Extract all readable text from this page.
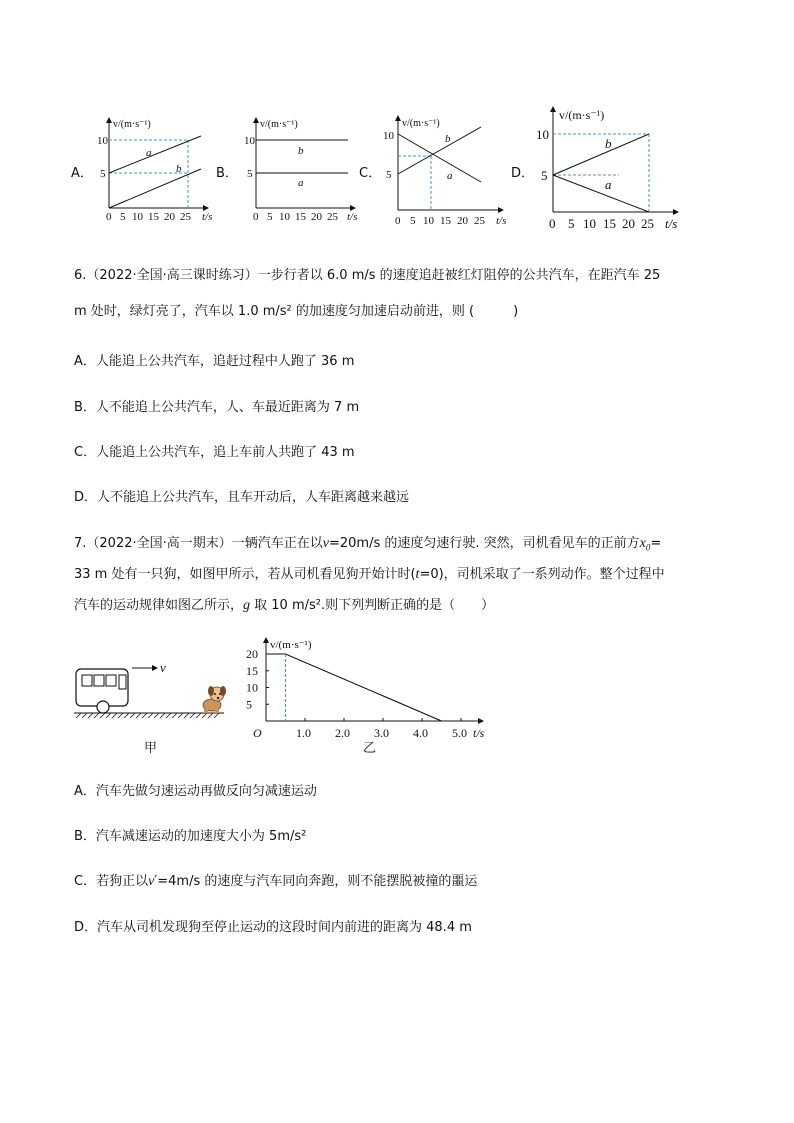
A．
v/(m·s⁻¹)
10
5
a
b
0 5 10 15 20 25 t/s
B．
v/(m·s⁻¹)
10
5
b
a
0 5 10 15 20 25 t/s
C．
v/(m·s⁻¹)
10
5
b
a
0 5 10 15 20 25 t/s
D．
v/(m·s⁻¹)
10
5
b
a
0 5 10 15 20 25 t/s
6.（2022·全国·高三课时练习）一步行者以 6.0 m/s 的速度追赶被红灯阻停的公共汽车，在距汽车 25
m 处时，绿灯亮了，汽车以 1.0 m/s² 的加速度匀加速启动前进，则 (　　　)
A．人能追上公共汽车，追赶过程中人跑了 36 m
B．人不能追上公共汽车，人、车最近距离为 7 m
C．人能追上公共汽车，追上车前人共跑了 43 m
D．人不能追上公共汽车，且车开动后，人车距离越来越远
7.（2022·全国·高一期末）一辆汽车正在以v=20m/s 的速度匀速行驶. 突然，司机看见车的正前方$x_0=$
33 m 处有一只狗，如图甲所示，若从司机看见狗开始计时(t=0)，司机采取了一系列动作。整个过程中
汽车的运动规律如图乙所示，g 取 10 m/s².则下列判断正确的是（　　）
v
甲
v/(m·s⁻¹)
20
15
10
5
O	1.0 2.0 3.0 4.0 5.0 t/s
乙
A．汽车先做匀速运动再做反向匀减速运动
B．汽车减速运动的加速度大小为 5m/s²
C．若狗正以v′=4m/s 的速度与汽车同向奔跑，则不能摆脱被撞的噩运
D．汽车从司机发现狗至停止运动的这段时间内前进的距离为 48.4 m
